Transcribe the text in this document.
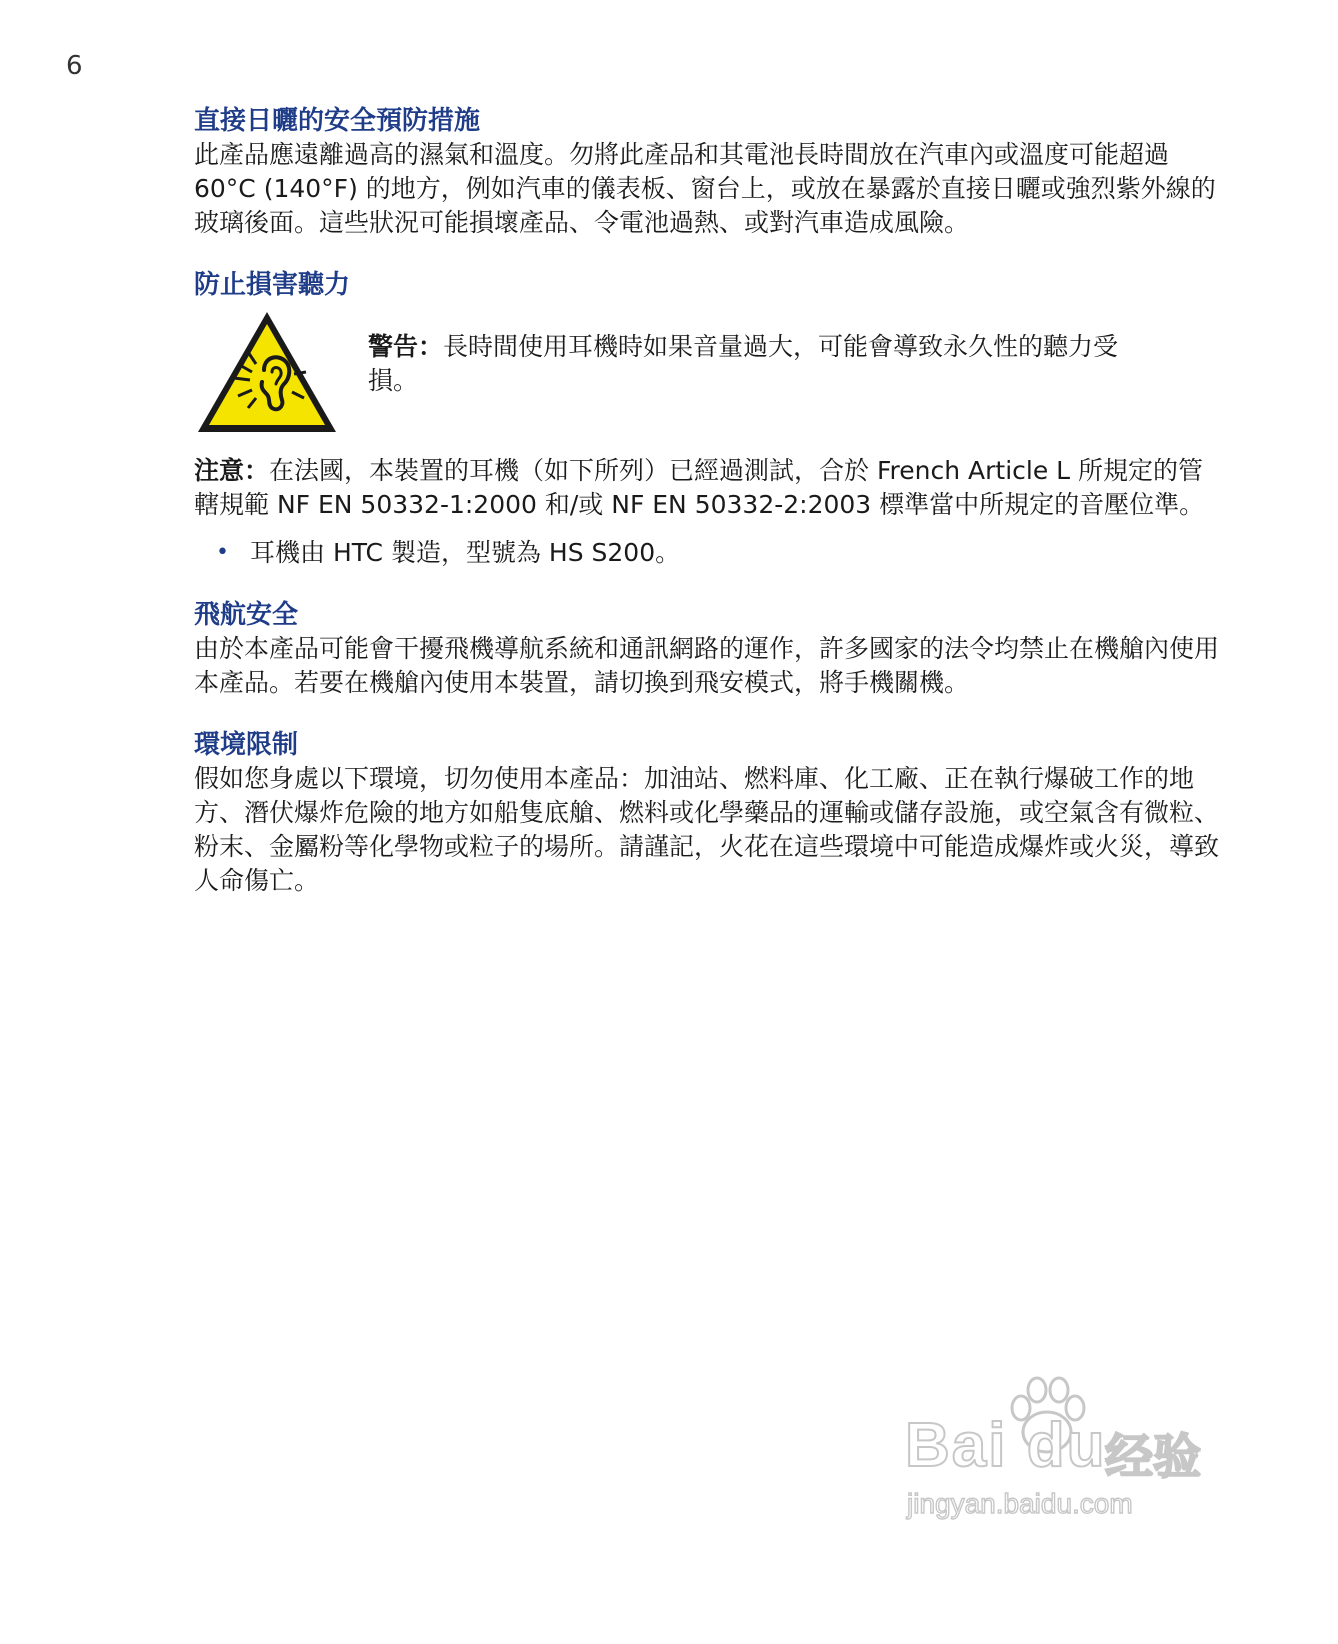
6
直接日曬的安全預防措施

此產品應遠離過高的濕氣和溫度。勿將此產品和其電池長時間放在汽車內或溫度可能超過 60°C (140°F) 的地方，例如汽車的儀表板、窗台上，或放在暴露於直接日曬或強烈紫外線的玻璃後面。這些狀況可能損壞產品、令電池過熱、或對汽車造成風險。

防止損害聽力
警告：長時間使用耳機時如果音量過大，可能會導致永久性的聽力受損。

注意：在法國，本裝置的耳機（如下所列）已經過測試，合於 French Article L 所規定的管轄規範 NF EN 50332-1:2000 和/或 NF EN 50332-2:2003 標準當中所規定的音壓位準。

• 耳機由 HTC 製造，型號為 HS S200。
飛航安全

由於本產品可能會干擾飛機導航系統和通訊網路的運作，許多國家的法令均禁止在機艙內使用本產品。若要在機艙內使用本裝置，請切換到飛安模式，將手機關機。

環境限制

假如您身處以下環境，切勿使用本產品：加油站、燃料庫、化工廠、正在執行爆破工作的地方、潛伏爆炸危險的地方如船隻底艙、燃料或化學藥品的運輸或儲存設施，或空氣含有微粒、粉末、金屬粉等化學物或粒子的場所。請謹記，火花在這些環境中可能造成爆炸或火災，導致人命傷亡。

Bai du
经验
jingyan.baidu.com
